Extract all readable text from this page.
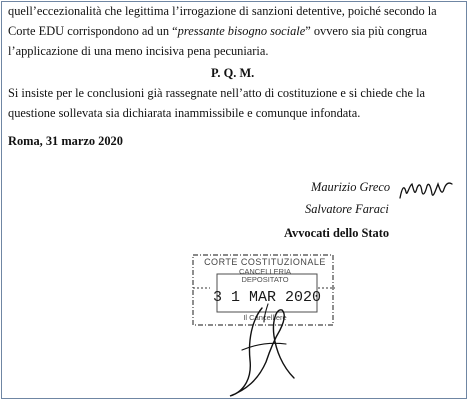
quell’eccezionalità che legittima l’irrogazione di sanzioni detentive, poiché secondo la
Corte EDU corrispondono ad un “pressante bisogno sociale” ovvero sia più congrua
l’applicazione di una meno incisiva pena pecuniaria.
P. Q. M.
Si insiste per le conclusioni già rassegnate nell’atto di costituzione e si chiede che la
questione sollevata sia dichiarata inammissibile e comunque infondata.
Roma, 31 marzo 2020
Maurizio Greco
Salvatore Faraci
Avvocati dello Stato
CORTE COSTITUZIONALE
CANCELLERIA
DEPOSITATO
3 1 MAR 2020
Il Cancelliere
